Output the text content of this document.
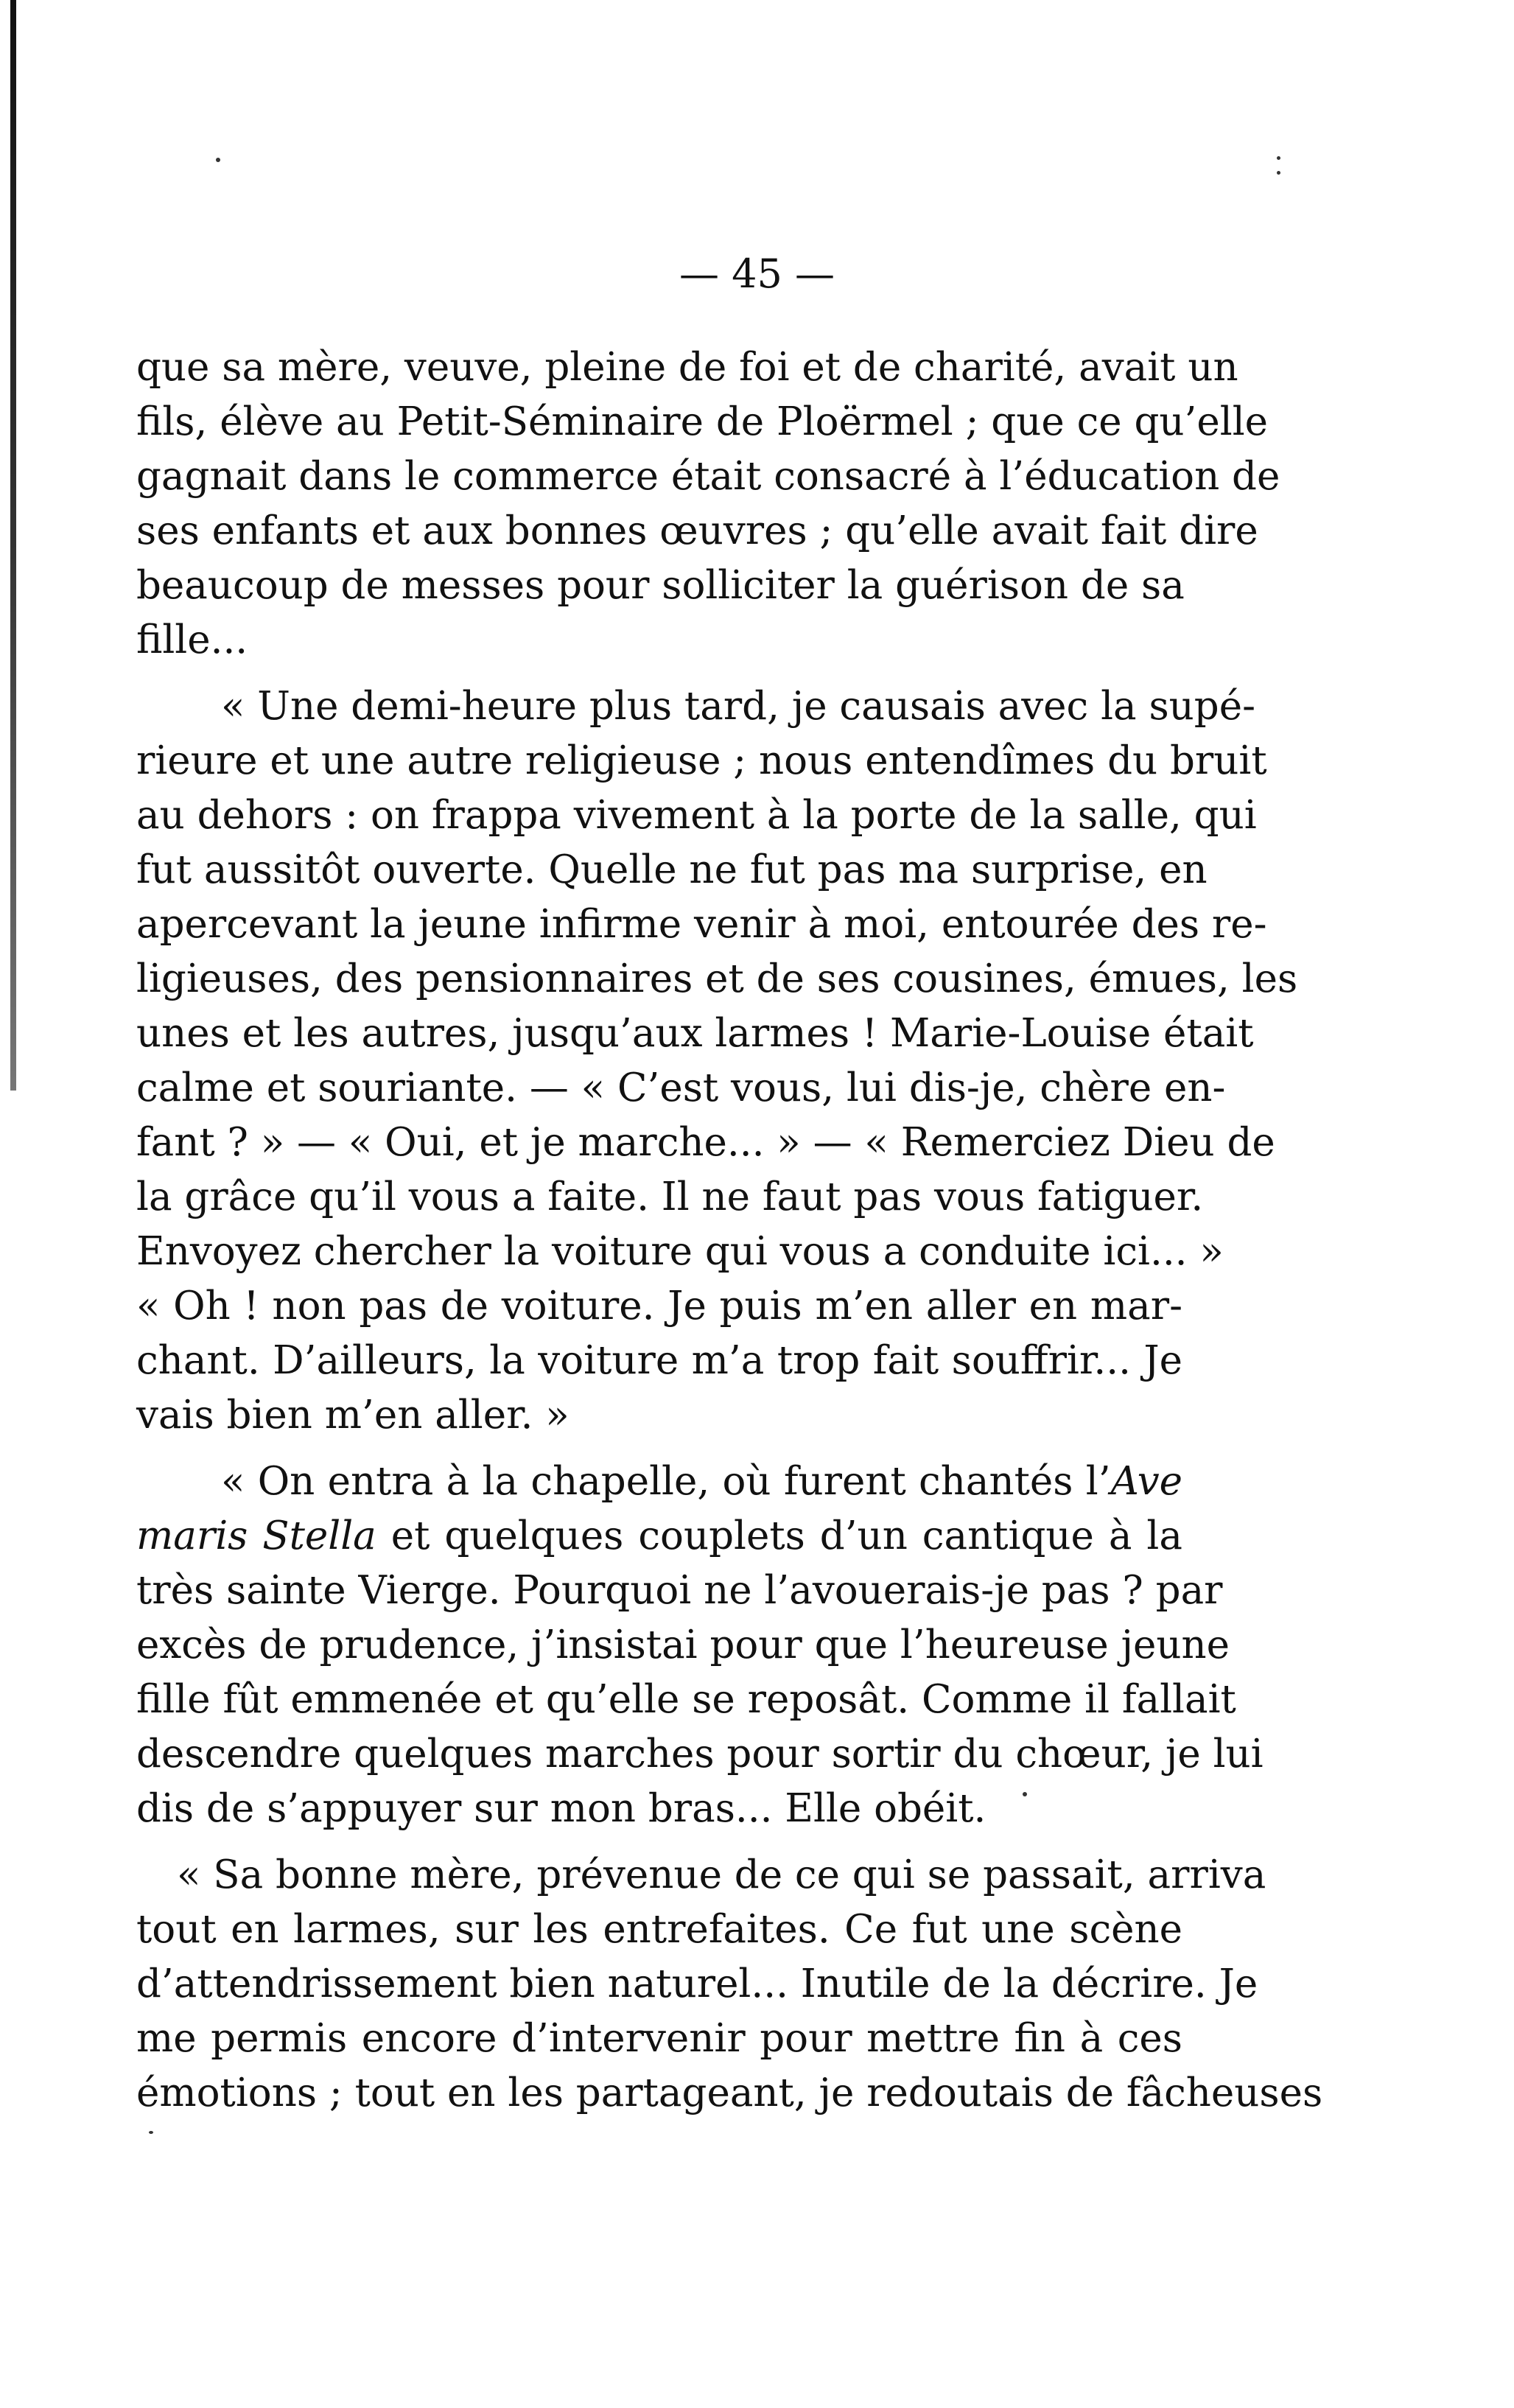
— 45 —
que sa mère, veuve, pleine de foi et de charité, avait un
fils, élève au Petit-Séminaire de Ploërmel ; que ce qu’elle
gagnait dans le commerce était consacré à l’éducation de
ses enfants et aux bonnes œuvres ; qu’elle avait fait dire
beaucoup de messes pour solliciter la guérison de sa
fille...
« Une demi-heure plus tard, je causais avec la supé-
rieure et une autre religieuse ; nous entendîmes du bruit
au dehors : on frappa vivement à la porte de la salle, qui
fut aussitôt ouverte. Quelle ne fut pas ma surprise, en
apercevant la jeune infirme venir à moi, entourée des re-
ligieuses, des pensionnaires et de ses cousines, émues, les
unes et les autres, jusqu’aux larmes ! Marie-Louise était
calme et souriante. — « C’est vous, lui dis-je, chère en-
fant ? » — « Oui, et je marche... » — « Remerciez Dieu de
la grâce qu’il vous a faite. Il ne faut pas vous fatiguer.
Envoyez chercher la voiture qui vous a conduite ici... »
« Oh ! non pas de voiture. Je puis m’en aller en mar-
chant. D’ailleurs, la voiture m’a trop fait souffrir... Je
vais bien m’en aller. »
« On entra à la chapelle, où furent chantés l’Ave
maris Stella et quelques couplets d’un cantique à la
très sainte Vierge. Pourquoi ne l’avouerais-je pas ? par
excès de prudence, j’insistai pour que l’heureuse jeune
fille fût emmenée et qu’elle se reposât. Comme il fallait
descendre quelques marches pour sortir du chœur, je lui
dis de s’appuyer sur mon bras... Elle obéit.
« Sa bonne mère, prévenue de ce qui se passait, arriva
tout en larmes, sur les entrefaites. Ce fut une scène
d’attendrissement bien naturel... Inutile de la décrire. Je
me permis encore d’intervenir pour mettre fin à ces
émotions ; tout en les partageant, je redoutais de fâcheuses
